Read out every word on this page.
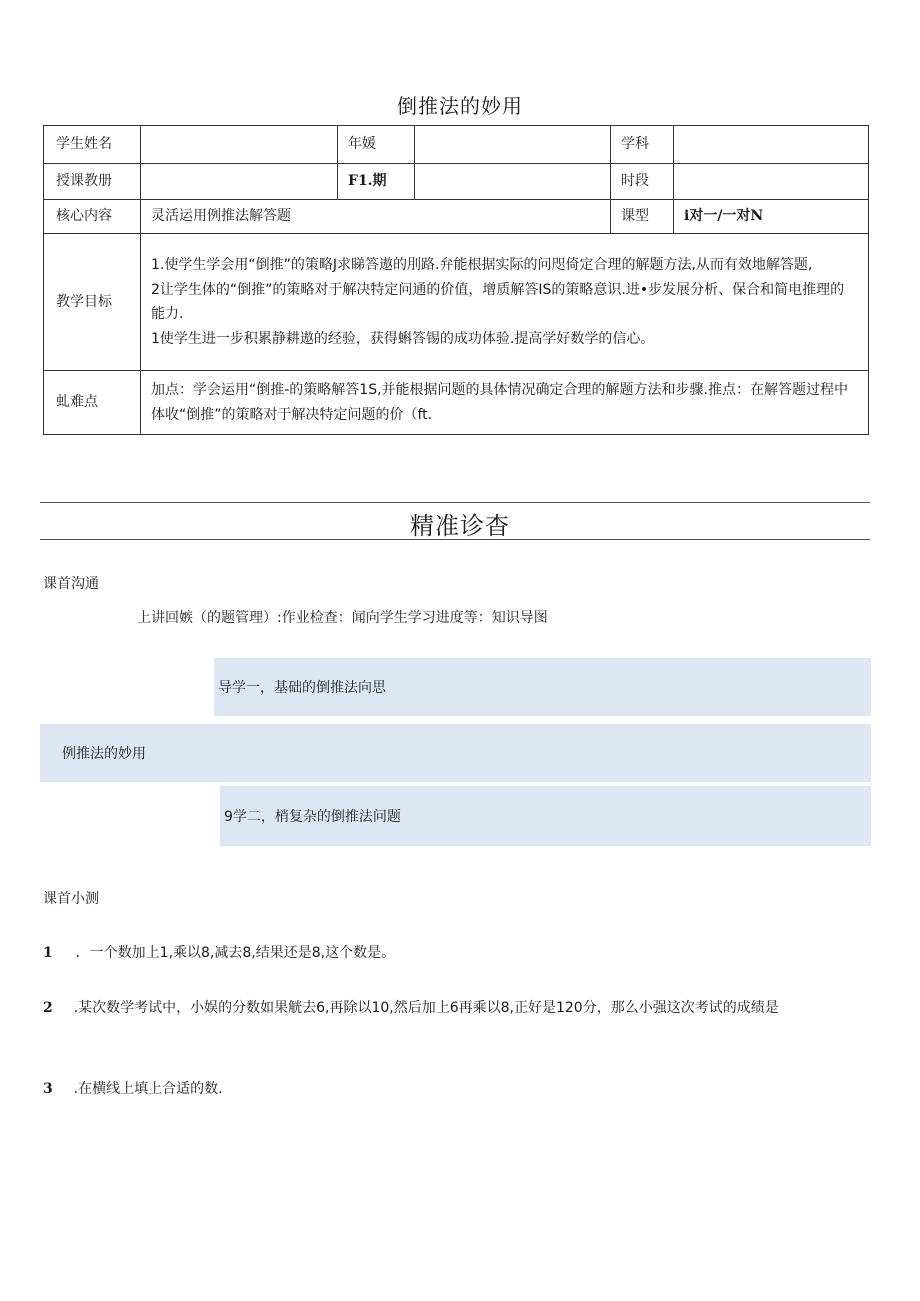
倒推法的妙用
学生姓名		年媛		学科	
授课教册		F1.期		时段	
核心内容	灵活运用例推法解答题			课型	i对一/一对N
教学目标	1.使学生学会用“倒推”的策略J求睇答遨的刖路.弁能根据实际的问咫倚定合理的解题方法,从而有效地解答题,

2让学生体的“倒推”的策略对于解决特定问通的价值，增质解答IS的策略意识.进•步发展分析、保合和简电推理的能力.

1使学生进一步积累静耕遨的经验，获得蝌答锡的成功体验.提高学好数学的信心。				

虬难点	加点：学会运用“倒推-的策略解答1S,并能根据问题的具体情况确定合理的解题方法和步骤.推点：在解答题过程中体收“倒推”的策略对于解决特定问题的价（ft.				
精准诊杳
课首沟通
上讲回嫉（的题管理）:作业检查：闻向学生学习进度等：知识导图
导学一，基础的倒推法向思
例推法的妙用
9学二，梢复杂的倒推法问题
课首小测
1 ．一个数加上1,乘以8,减去8,结果还是8,这个数是。
2 .某次数学考试中，小娱的分数如果觥去6,再除以10,然后加上6再乘以8,正好是120分，那么小强这次考试的成绩是
3 .在横线上填上合适的数.
